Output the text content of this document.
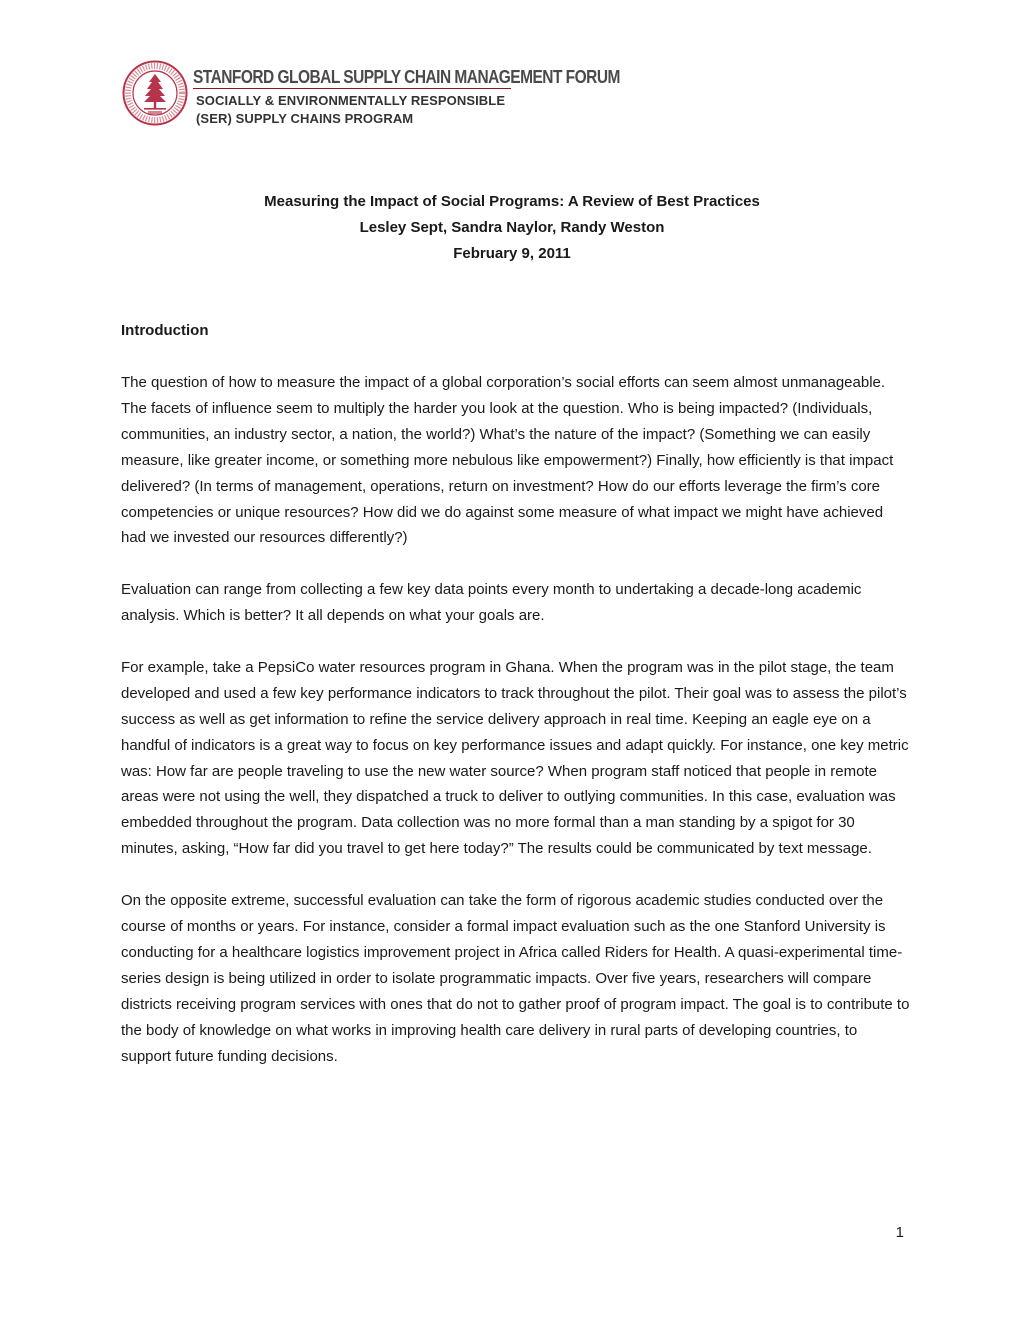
STANFORD GLOBAL SUPPLY CHAIN MANAGEMENT FORUM
SOCIALLY & ENVIRONMENTALLY RESPONSIBLE
(SER) SUPPLY CHAINS PROGRAM
Measuring the Impact of Social Programs: A Review of Best Practices
Lesley Sept, Sandra Naylor, Randy Weston
February 9, 2011
Introduction

The question of how to measure the impact of a global corporation’s social efforts can seem almost unmanageable. The facets of influence seem to multiply the harder you look at the question. Who is being impacted? (Individuals, communities, an industry sector, a nation, the world?) What’s the nature of the impact? (Something we can easily measure, like greater income, or something more nebulous like empowerment?) Finally, how efficiently is that impact delivered? (In terms of management, operations, return on investment? How do our efforts leverage the firm’s core competencies or unique resources? How did we do against some measure of what impact we might have achieved had we invested our resources differently?)

Evaluation can range from collecting a few key data points every month to undertaking a decade-long academic analysis. Which is better? It all depends on what your goals are.

For example, take a PepsiCo water resources program in Ghana. When the program was in the pilot stage, the team developed and used a few key performance indicators to track throughout the pilot. Their goal was to assess the pilot’s success as well as get information to refine the service delivery approach in real time. Keeping an eagle eye on a handful of indicators is a great way to focus on key performance issues and adapt quickly. For instance, one key metric was: How far are people traveling to use the new water source? When program staff noticed that people in remote areas were not using the well, they dispatched a truck to deliver to outlying communities. In this case, evaluation was embedded throughout the program. Data collection was no more formal than a man standing by a spigot for 30 minutes, asking, “How far did you travel to get here today?” The results could be communicated by text message.

On the opposite extreme, successful evaluation can take the form of rigorous academic studies conducted over the course of months or years. For instance, consider a formal impact evaluation such as the one Stanford University is conducting for a healthcare logistics improvement project in Africa called Riders for Health. A quasi-experimental time-series design is being utilized in order to isolate programmatic impacts. Over five years, researchers will compare districts receiving program services with ones that do not to gather proof of program impact. The goal is to contribute to the body of knowledge on what works in improving health care delivery in rural parts of developing countries, to support future funding decisions.

1
